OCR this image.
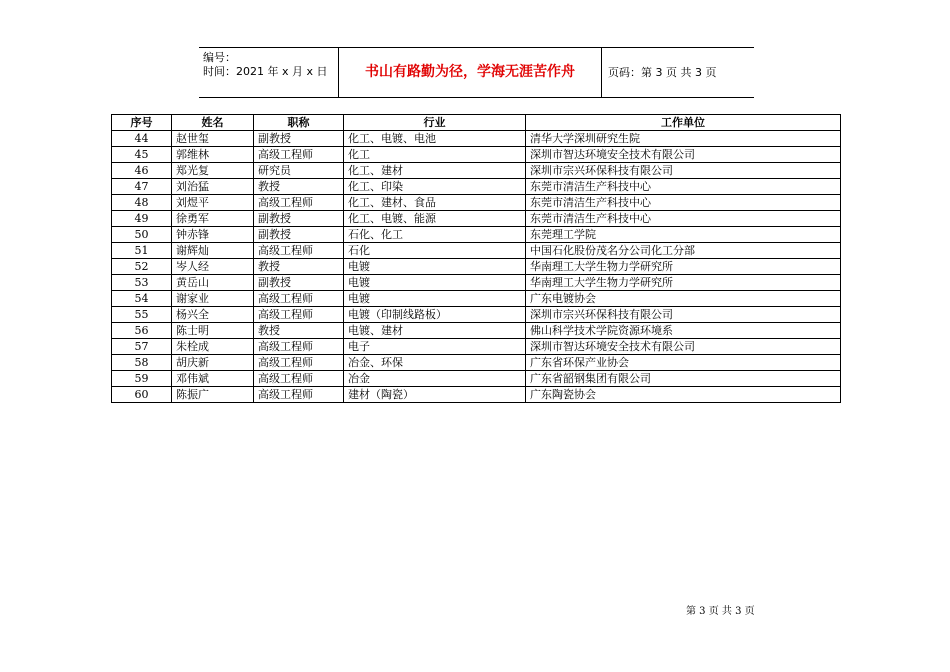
编号：
时间：2021 年 x 月 x 日	书山有路勤为径，学海无涯苦作舟	页码：第 3 页 共 3 页
序号	姓名	职称	行业	工作单位
44	赵世玺	副教授	化工、电镀、电池	清华大学深圳研究生院
45	郭维林	高级工程师	化工	深圳市智达环境安全技术有限公司
46	郑光复	研究员	化工、建材	深圳市宗兴环保科技有限公司
47	刘治猛	教授	化工、印染	东莞市清洁生产科技中心
48	刘煜平	高级工程师	化工、建材、食品	东莞市清洁生产科技中心
49	徐勇军	副教授	化工、电镀、能源	东莞市清洁生产科技中心
50	钟赤锋	副教授	石化、化工	东莞理工学院
51	谢辉灿	高级工程师	石化	中国石化股份茂名分公司化工分部
52	岑人经	教授	电镀	华南理工大学生物力学研究所
53	黄岳山	副教授	电镀	华南理工大学生物力学研究所
54	谢家业	高级工程师	电镀	广东电镀协会
55	杨兴全	高级工程师	电镀（印制线路板）	深圳市宗兴环保科技有限公司
56	陈士明	教授	电镀、建材	佛山科学技术学院资源环境系
57	朱栓成	高级工程师	电子	深圳市智达环境安全技术有限公司
58	胡庆新	高级工程师	冶金、环保	广东省环保产业协会
59	邓伟斌	高级工程师	冶金	广东省韶钢集团有限公司
60	陈振广	高级工程师	建材（陶瓷）	广东陶瓷协会
第 3 页 共 3 页
